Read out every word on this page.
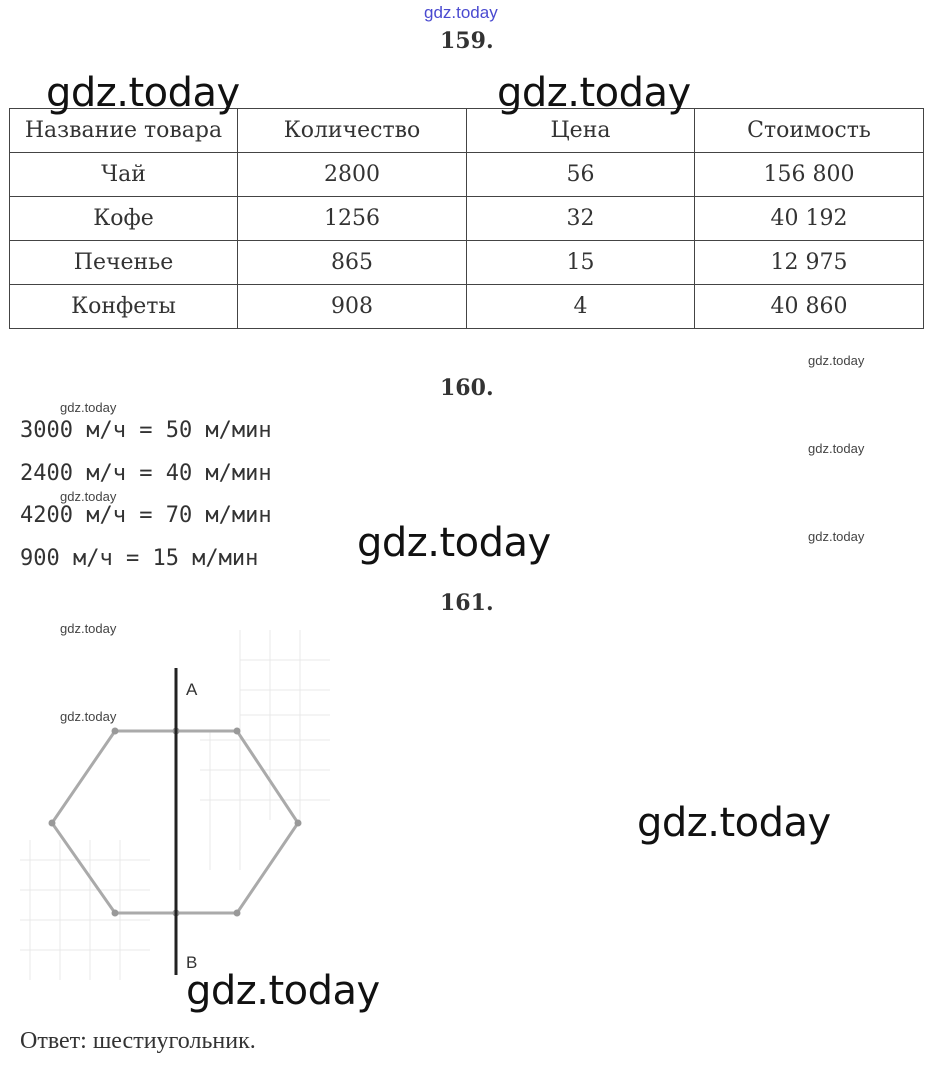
gdz.today
159.
Название товара	Количество	Цена	Стоимость
Чай	2800	56	156 800
Кофе	1256	32	40 192
Печенье	865	15	12 975
Конфеты	908	4	40 860
gdz.today	gdz.today
gdz.today
160.
gdz.today
3000 м/ч = 50 м/мин
gdz.today
2400 м/ч = 40 м/мин
gdz.today
4200 м/ч = 70 м/мин
gdz.today
900 м/ч = 15 м/мин gdz.today
161.
gdz.today
A
B
gdz.today
gdz.today
gdz.today
Ответ: шестиугольник.
